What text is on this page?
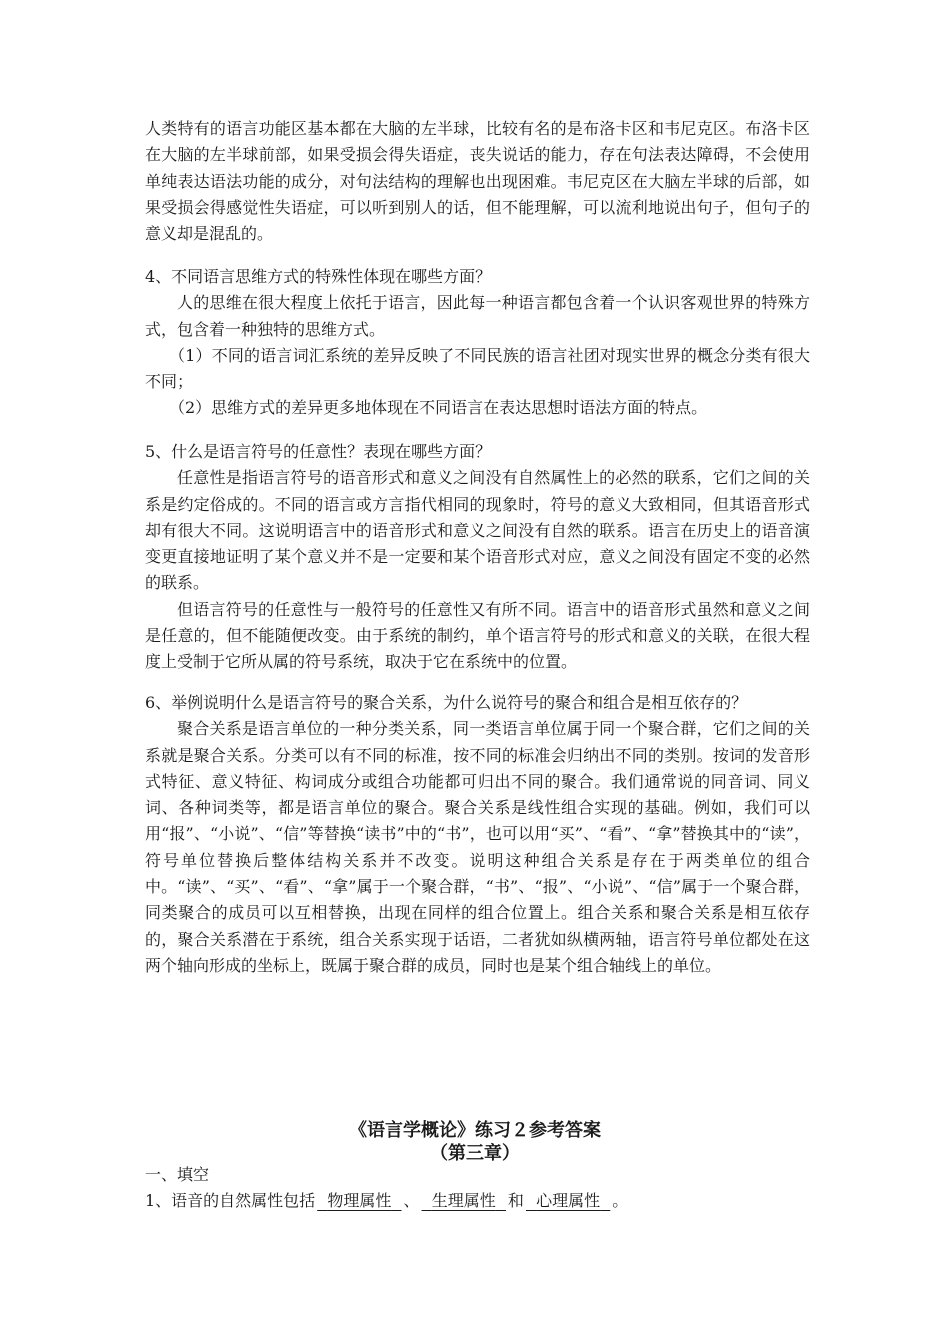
人类特有的语言功能区基本都在大脑的左半球，比较有名的是布洛卡区和韦尼克区。布洛卡区在大脑的左半球前部，如果受损会得失语症，丧失说话的能力，存在句法表达障碍，不会使用单纯表达语法功能的成分，对句法结构的理解也出现困难。韦尼克区在大脑左半球的后部，如果受损会得感觉性失语症，可以听到别人的话，但不能理解，可以流利地说出句子，但句子的意义却是混乱的。

4、不同语言思维方式的特殊性体现在哪些方面？

人的思维在很大程度上依托于语言，因此每一种语言都包含着一个认识客观世界的特殊方式，包含着一种独特的思维方式。

（1）不同的语言词汇系统的差异反映了不同民族的语言社团对现实世界的概念分类有很大不同；

（2）思维方式的差异更多地体现在不同语言在表达思想时语法方面的特点。

5、什么是语言符号的任意性？表现在哪些方面？

任意性是指语言符号的语音形式和意义之间没有自然属性上的必然的联系，它们之间的关系是约定俗成的。不同的语言或方言指代相同的现象时，符号的意义大致相同，但其语音形式却有很大不同。这说明语言中的语音形式和意义之间没有自然的联系。语言在历史上的语音演变更直接地证明了某个意义并不是一定要和某个语音形式对应，意义之间没有固定不变的必然的联系。

但语言符号的任意性与一般符号的任意性又有所不同。语言中的语音形式虽然和意义之间是任意的，但不能随便改变。由于系统的制约，单个语言符号的形式和意义的关联，在很大程度上受制于它所从属的符号系统，取决于它在系统中的位置。

6、举例说明什么是语言符号的聚合关系，为什么说符号的聚合和组合是相互依存的？

聚合关系是语言单位的一种分类关系，同一类语言单位属于同一个聚合群，它们之间的关系就是聚合关系。分类可以有不同的标准，按不同的标准会归纳出不同的类别。按词的发音形式特征、意义特征、构词成分或组合功能都可归出不同的聚合。我们通常说的同音词、同义词、各种词类等，都是语言单位的聚合。聚合关系是线性组合实现的基础。例如，我们可以用“报”、“小说”、“信”等替换“读书”中的“书”，也可以用“买”、“看”、“拿”替换其中的“读”，符号单位替换后整体结构关系并不改变。说明这种组合关系是存在于两类单位的组合中。“读”、“买”、“看”、“拿”属于一个聚合群，“书”、“报”、“小说”、“信”属于一个聚合群，同类聚合的成员可以互相替换，出现在同样的组合位置上。组合关系和聚合关系是相互依存的，聚合关系潜在于系统，组合关系实现于话语，二者犹如纵横两轴，语言符号单位都处在这两个轴向形成的坐标上，既属于聚合群的成员，同时也是某个组合轴线上的单位。

《语言学概论》练习２参考答案

（第三章）

一、填空

1、语音的自然属性包括 物理属性 、 生理属性 和 心理属性 。
